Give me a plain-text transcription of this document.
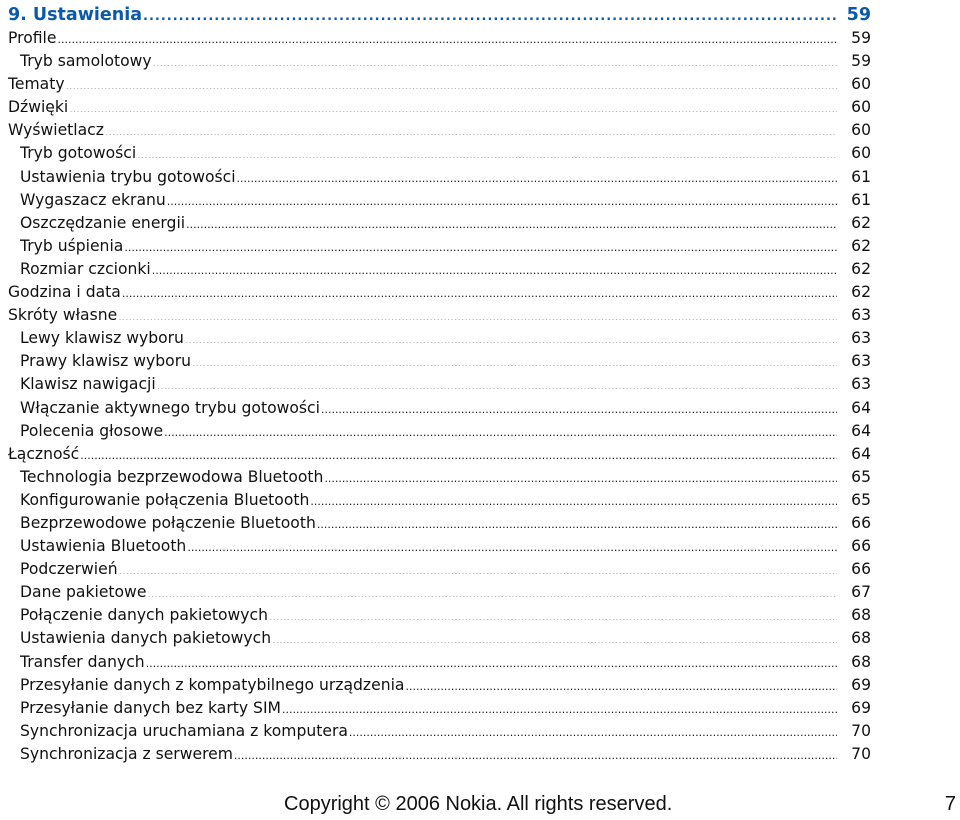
9. Ustawienia .....	59
Profile .....	59
Tryb samolotowy .....	59
Tematy .....	60
Dźwięki .....	60
Wyświetlacz .....	60
Tryb gotowości .....	60
Ustawienia trybu gotowości .....	61
Wygaszacz ekranu .....	61
Oszczędzanie energii .....	62
Tryb uśpienia .....	62
Rozmiar czcionki .....	62
Godzina i data .....	62
Skróty własne .....	63
Lewy klawisz wyboru .....	63
Prawy klawisz wyboru .....	63
Klawisz nawigacji .....	63
Włączanie aktywnego trybu gotowości .....	64
Polecenia głosowe .....	64
Łączność .....	64
Technologia bezprzewodowa Bluetooth .....	65
Konfigurowanie połączenia Bluetooth .....	65
Bezprzewodowe połączenie Bluetooth .....	66
Ustawienia Bluetooth .....	66
Podczerwień .....	66
Dane pakietowe .....	67
Połączenie danych pakietowych .....	68
Ustawienia danych pakietowych .....	68
Transfer danych .....	68
Przesyłanie danych z kompatybilnego urządzenia .....	69
Przesyłanie danych bez karty SIM .....	69
Synchronizacja uruchamiana z komputera .....	70
Synchronizacja z serwerem .....	70
Copyright © 2006 Nokia. All rights reserved.	7
